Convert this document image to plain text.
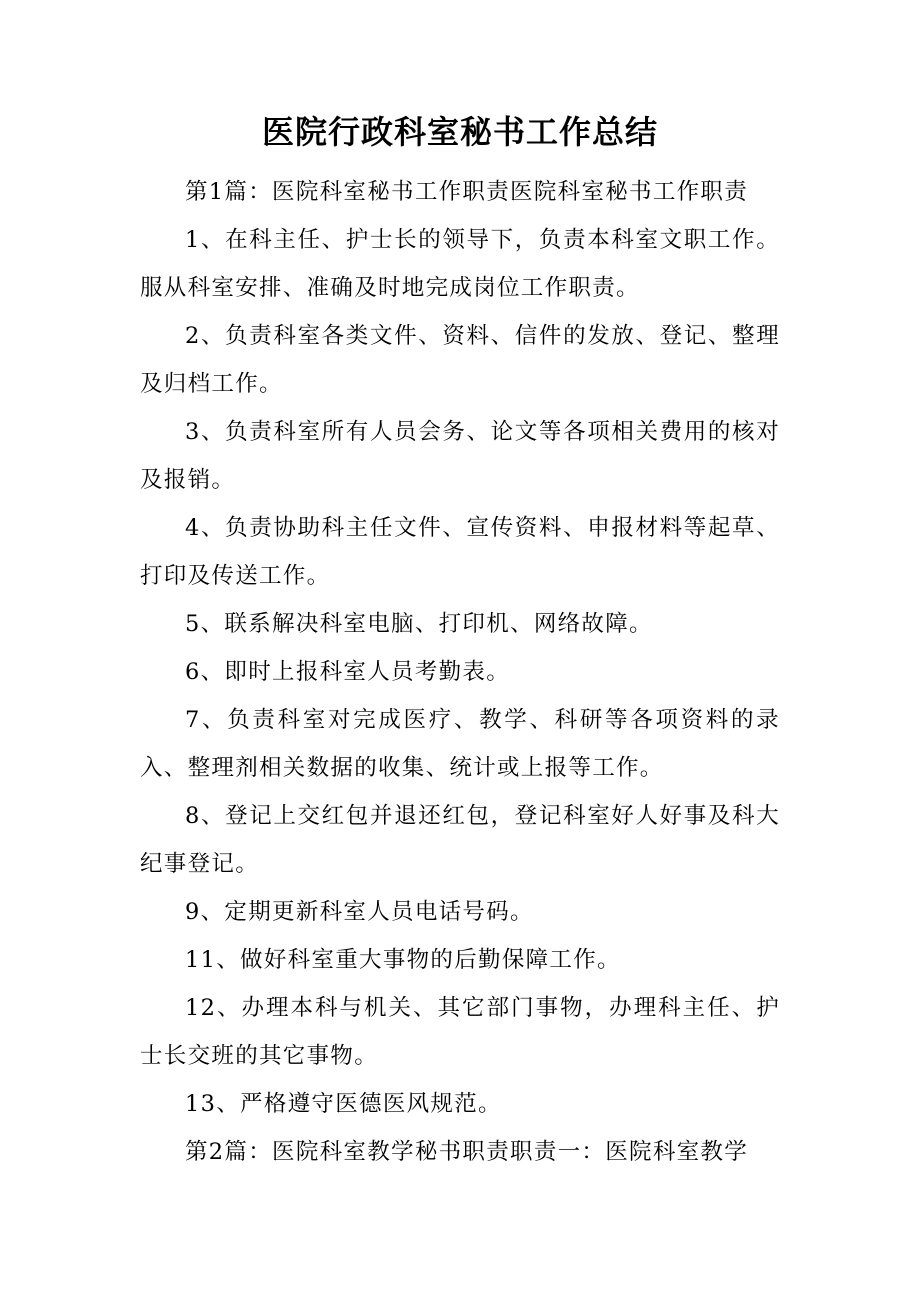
医院行政科室秘书工作总结

第1篇：医院科室秘书工作职责医院科室秘书工作职责

1、在科主任、护士长的领导下，负责本科室文职工作。服从科室安排、准确及时地完成岗位工作职责。

2、负责科室各类文件、资料、信件的发放、登记、整理及归档工作。

3、负责科室所有人员会务、论文等各项相关费用的核对及报销。

4、负责协助科主任文件、宣传资料、申报材料等起草、打印及传送工作。

5、联系解决科室电脑、打印机、网络故障。

6、即时上报科室人员考勤表。

7、负责科室对完成医疗、教学、科研等各项资料的录入、整理剂相关数据的收集、统计或上报等工作。

8、登记上交红包并退还红包，登记科室好人好事及科大纪事登记。

9、定期更新科室人员电话号码。

11、做好科室重大事物的后勤保障工作。

12、办理本科与机关、其它部门事物，办理科主任、护士长交班的其它事物。

13、严格遵守医德医风规范。

第2篇：医院科室教学秘书职责职责一：医院科室教学
